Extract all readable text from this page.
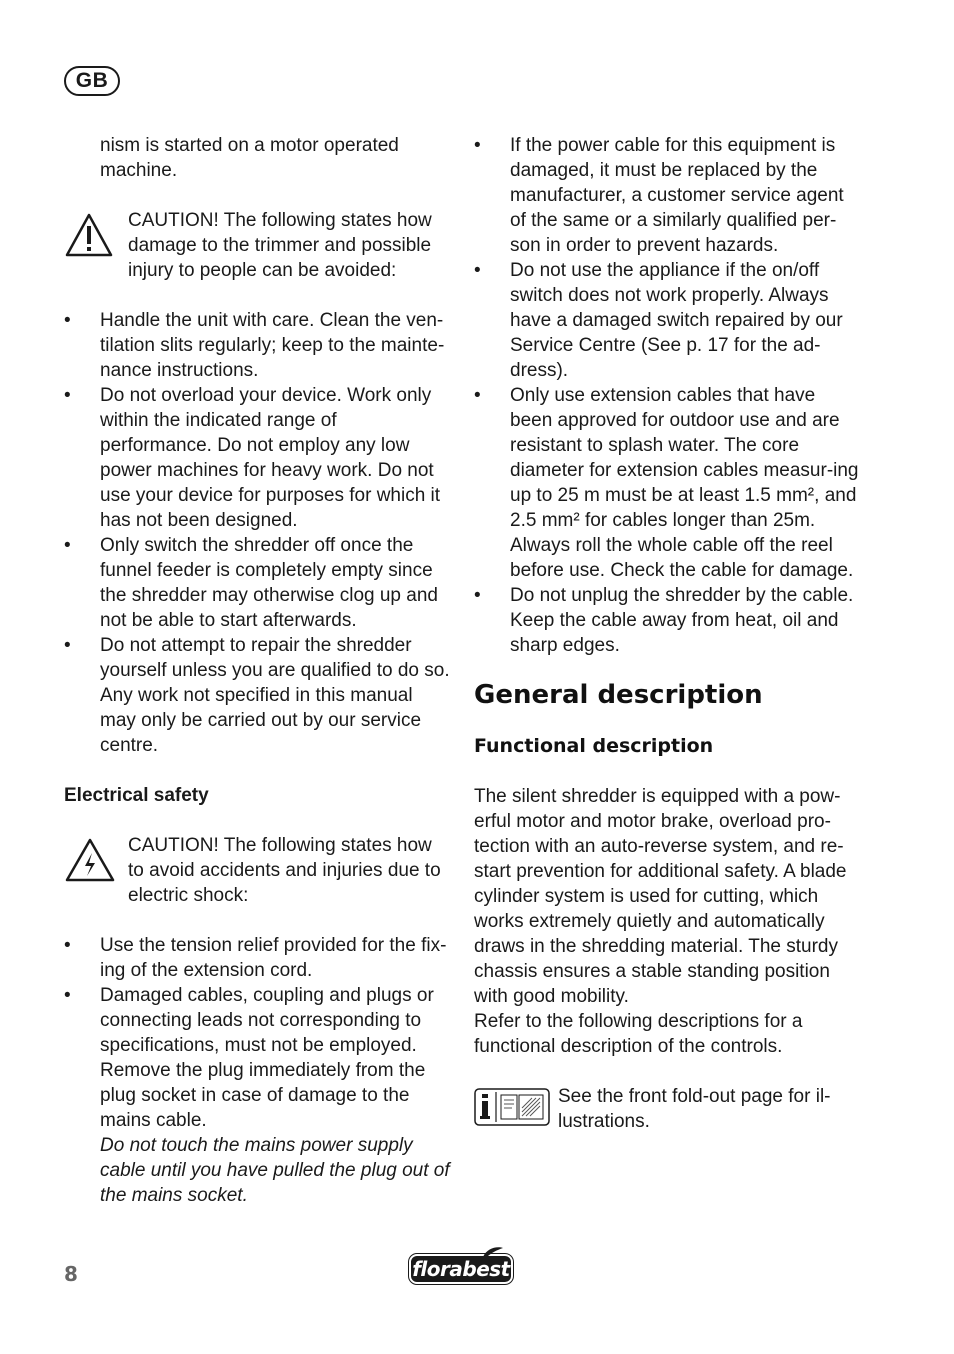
GB

nism is started on a motor operated machine.

CAUTION! The following states how damage to the trimmer and possible injury to people can be avoided:

• Handle the unit with care. Clean the ven-tilation slits regularly; keep to the mainte-nance instructions.
• Do not overload your device. Work only within the indicated range of performance. Do not employ any low power machines for heavy work. Do not use your device for purposes for which it has not been designed.
• Only switch the shredder off once the funnel feeder is completely empty since the shredder may otherwise clog up and not be able to start afterwards.
• Do not attempt to repair the shredder yourself unless you are qualified to do so. Any work not specified in this manual may only be carried out by our service centre.

Electrical safety

CAUTION! The following states how to avoid accidents and injuries due to electric shock:

• Use the tension relief provided for the fix-ing of the extension cord.
• Damaged cables, coupling and plugs or connecting leads not corresponding to specifications, must not be employed. Remove the plug immediately from the plug socket in case of damage to the mains cable.
Do not touch the mains power supply cable until you have pulled the plug out of the mains socket.
• If the power cable for this equipment is damaged, it must be replaced by the manufacturer, a customer service agent of the same or a similarly qualified per-son in order to prevent hazards.
• Do not use the appliance if the on/off switch does not work properly. Always have a damaged switch repaired by our Service Centre (See p. 17 for the ad-dress).
• Only use extension cables that have been approved for outdoor use and are resistant to splash water. The core diameter for extension cables measur-ing up to 25 m must be at least 1.5 mm², and 2.5 mm² for cables longer than 25m. Always roll the whole cable off the reel before use. Check the cable for damage.
• Do not unplug the shredder by the cable. Keep the cable away from heat, oil and sharp edges.

General description

Functional description

The silent shredder is equipped with a pow-erful motor and motor brake, overload pro-tection with an auto-reverse system, and re-start prevention for additional safety. A blade cylinder system is used for cutting, which works extremely quietly and automatically draws in the shredding material. The sturdy chassis ensures a stable standing position with good mobility.

Refer to the following descriptions for a functional description of the controls.

See the front fold-out page for il-lustrations.

8	florabest
